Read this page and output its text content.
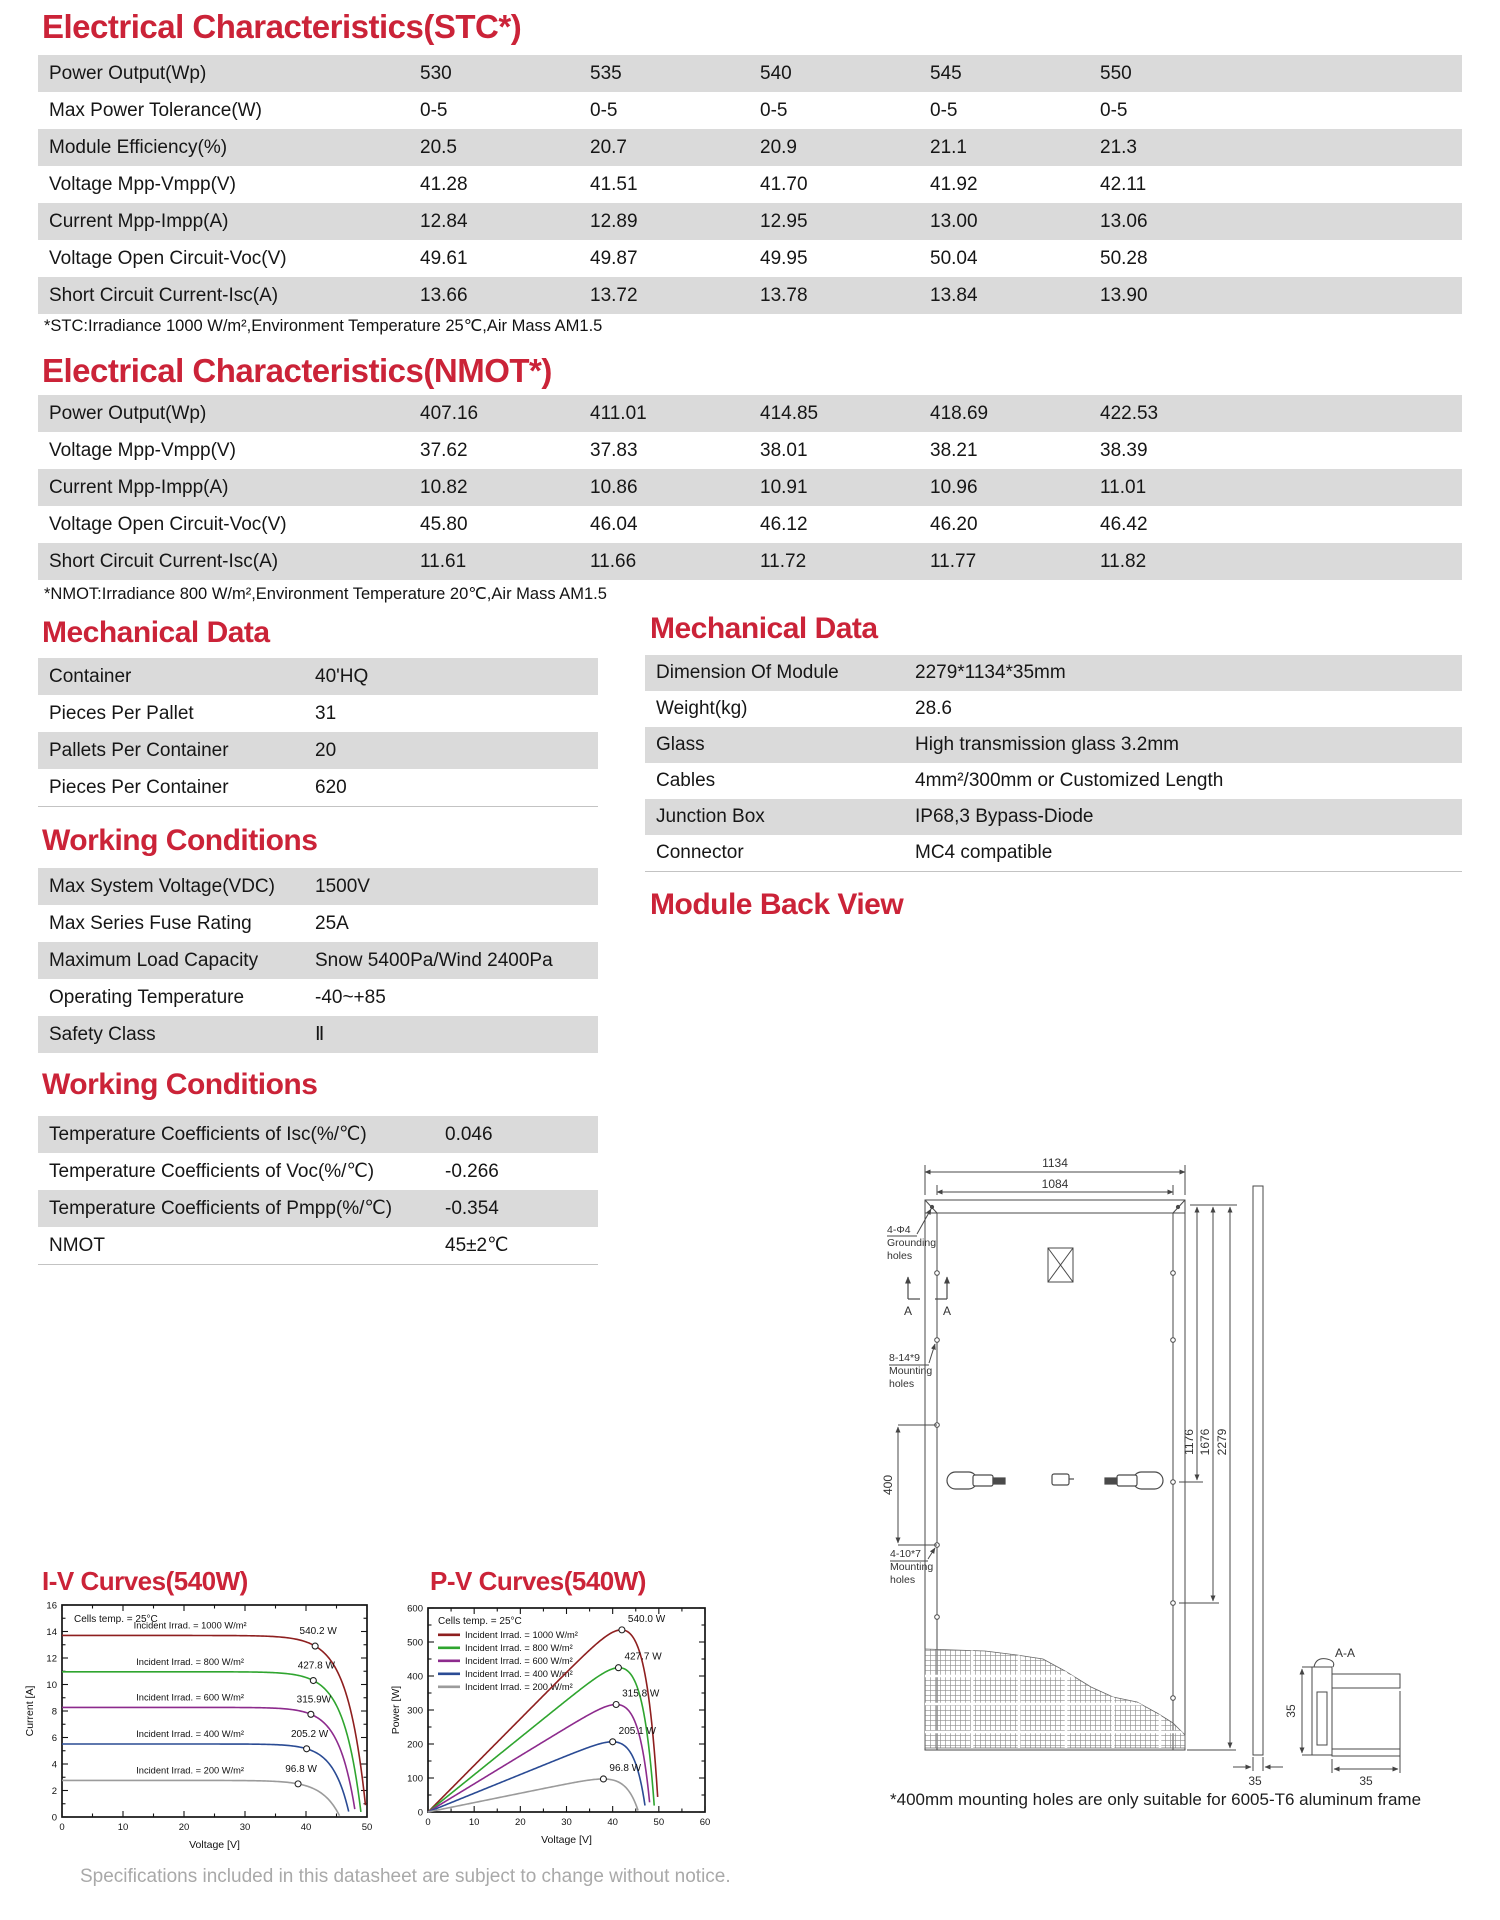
Electrical Characteristics(STC*)
Power Output(Wp)	530	535	540	545	550
Max Power Tolerance(W)	0-5	0-5	0-5	0-5	0-5
Module Efficiency(%)	20.5	20.7	20.9	21.1	21.3
Voltage Mpp-Vmpp(V)	41.28	41.51	41.70	41.92	42.11
Current Mpp-Impp(A)	12.84	12.89	12.95	13.00	13.06
Voltage Open Circuit-Voc(V)	49.61	49.87	49.95	50.04	50.28
Short Circuit Current-Isc(A)	13.66	13.72	13.78	13.84	13.90
*STC:Irradiance 1000 W/m²,Environment Temperature 25℃,Air Mass AM1.5
Electrical Characteristics(NMOT*)
Power Output(Wp)	407.16	411.01	414.85	418.69	422.53
Voltage Mpp-Vmpp(V)	37.62	37.83	38.01	38.21	38.39
Current Mpp-Impp(A)	10.82	10.86	10.91	10.96	11.01
Voltage Open Circuit-Voc(V)	45.80	46.04	46.12	46.20	46.42
Short Circuit Current-Isc(A)	11.61	11.66	11.72	11.77	11.82
*NMOT:Irradiance 800 W/m²,Environment Temperature 20℃,Air Mass AM1.5
Mechanical Data
Container	40'HQ
Pieces Per Pallet	31
Pallets Per Container	20
Pieces Per Container	620
Working Conditions
Max System Voltage(VDC) 1500V
Max Series Fuse Rating	25A
Maximum Load Capacity	Snow 5400Pa/Wind 2400Pa
Operating Temperature	-40~+85
Safety Class	Ⅱ
Working Conditions
Temperature Coefficients of Isc(%/℃)	0.046
Temperature Coefficients of Voc(%/℃)	-0.266
Temperature Coefficients of Pmpp(%/℃)	-0.354
NMOT	45±2℃
Mechanical Data
Dimension Of Module	2279*1134*35mm
Weight(kg)	28.6
Glass	High transmission glass 3.2mm
Cables	4mm²/300mm or Customized Length
Junction Box	IP68,3 Bypass-Diode
Connector	MC4 compatible
Module Back View
1134
1084
4-Φ4
Grounding
holes
A	A
8-14*9
Mounting
holes
400
4-10*7
Mounting
holes
1176 1676 2279
35
A-A
35
35
*400mm mounting holes are only suitable for 6005-T6 aluminum frame
I-V Curves(540W)	P-V Curves(540W)
0	10	20	30	40	50
0
2
4
6
8
10
12
14
16
Voltage [V]
Current [A]
Cells temp. = 25°C
Incident Irrad. = 1000 W/m²
540.2 W
Incident Irrad. = 800 W/m²	427.8 W
Incident Irrad. = 600 W/m²	315.9W
Incident Irrad. = 400 W/m²	205.2 W
Incident Irrad. = 200 W/m²	96.8 W
0	10	20	30	40	50	60
0
100
200
300
400
500
600
Voltage [V]
Power [W]
Cells temp. = 25°C
Incident Irrad. = 1000 W/m²
Incident Irrad. = 800 W/m²
Incident Irrad. = 600 W/m²
Incident Irrad. = 400 W/m²
Incident Irrad. = 200 W/m²
540.0 W
427.7 W
315.8 W
205.1 W
96.8 W
Specifications included in this datasheet are subject to change without notice.
